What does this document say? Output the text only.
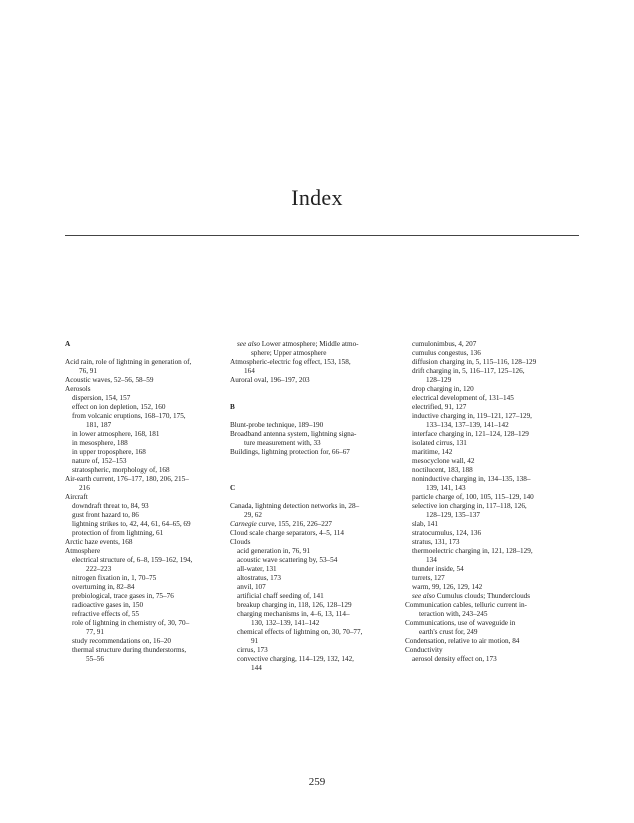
Index
A
Acid rain, role of lightning in generation of,
76, 91
Acoustic waves, 52–56, 58–59
Aerosols
dispersion, 154, 157
effect on ion depletion, 152, 160
from volcanic eruptions, 168–170, 175,
181, 187
in lower atmosphere, 168, 181
in mesosphere, 188
in upper troposphere, 168
nature of, 152–153
stratospheric, morphology of, 168
Air-earth current, 176–177, 180, 206, 215–
216
Aircraft
downdraft threat to, 84, 93
gust front hazard to, 86
lightning strikes to, 42, 44, 61, 64–65, 69
protection of from lightning, 61
Arctic haze events, 168
Atmosphere
electrical structure of, 6–8, 159–162, 194,
222–223
nitrogen fixation in, 1, 70–75
overturning in, 82–84
prebiological, trace gases in, 75–76
radioactive gases in, 150
refractive effects of, 55
role of lightning in chemistry of, 30, 70–
77, 91
study recommendations on, 16–20
thermal structure during thunderstorms,
55–56
see also Lower atmosphere; Middle atmo-
sphere; Upper atmosphere
Atmospheric-electric fog effect, 153, 158,
164
Auroral oval, 196–197, 203
B
Blunt-probe technique, 189–190
Broadband antenna system, lightning signa-
ture measurement with, 33
Buildings, lightning protection for, 66–67
C
Canada, lightning detection networks in, 28–
29, 62
Carnegie curve, 155, 216, 226–227
Cloud scale charge separators, 4–5, 114
Clouds
acid generation in, 76, 91
acoustic wave scattering by, 53–54
all-water, 131
altostratus, 173
anvil, 107
artificial chaff seeding of, 141
breakup charging in, 118, 126, 128–129
charging mechanisms in, 4–6, 13, 114–
130, 132–139, 141–142
chemical effects of lightning on, 30, 70–77,
91
cirrus, 173
convective charging, 114–129, 132, 142,
144
cumulonimbus, 4, 207
cumulus congestus, 136
diffusion charging in, 5, 115–116, 128–129
drift charging in, 5, 116–117, 125–126,
128–129
drop charging in, 120
electrical development of, 131–145
electrified, 91, 127
inductive charging in, 119–121, 127–129,
133–134, 137–139, 141–142
interface charging in, 121–124, 128–129
isolated cirrus, 131
maritime, 142
mesocyclone wall, 42
noctilucent, 183, 188
noninductive charging in, 134–135, 138–
139, 141, 143
particle charge of, 100, 105, 115–129, 140
selective ion charging in, 117–118, 126,
128–129, 135–137
slab, 141
stratocumulus, 124, 136
stratus, 131, 173
thermoelectric charging in, 121, 128–129,
134
thunder inside, 54
turrets, 127
warm, 99, 126, 129, 142
see also Cumulus clouds; Thunderclouds
Communication cables, telluric current in-
teraction with, 243–245
Communications, use of waveguide in
earth's crust for, 249
Condensation, relative to air motion, 84
Conductivity
aerosol density effect on, 173
259
